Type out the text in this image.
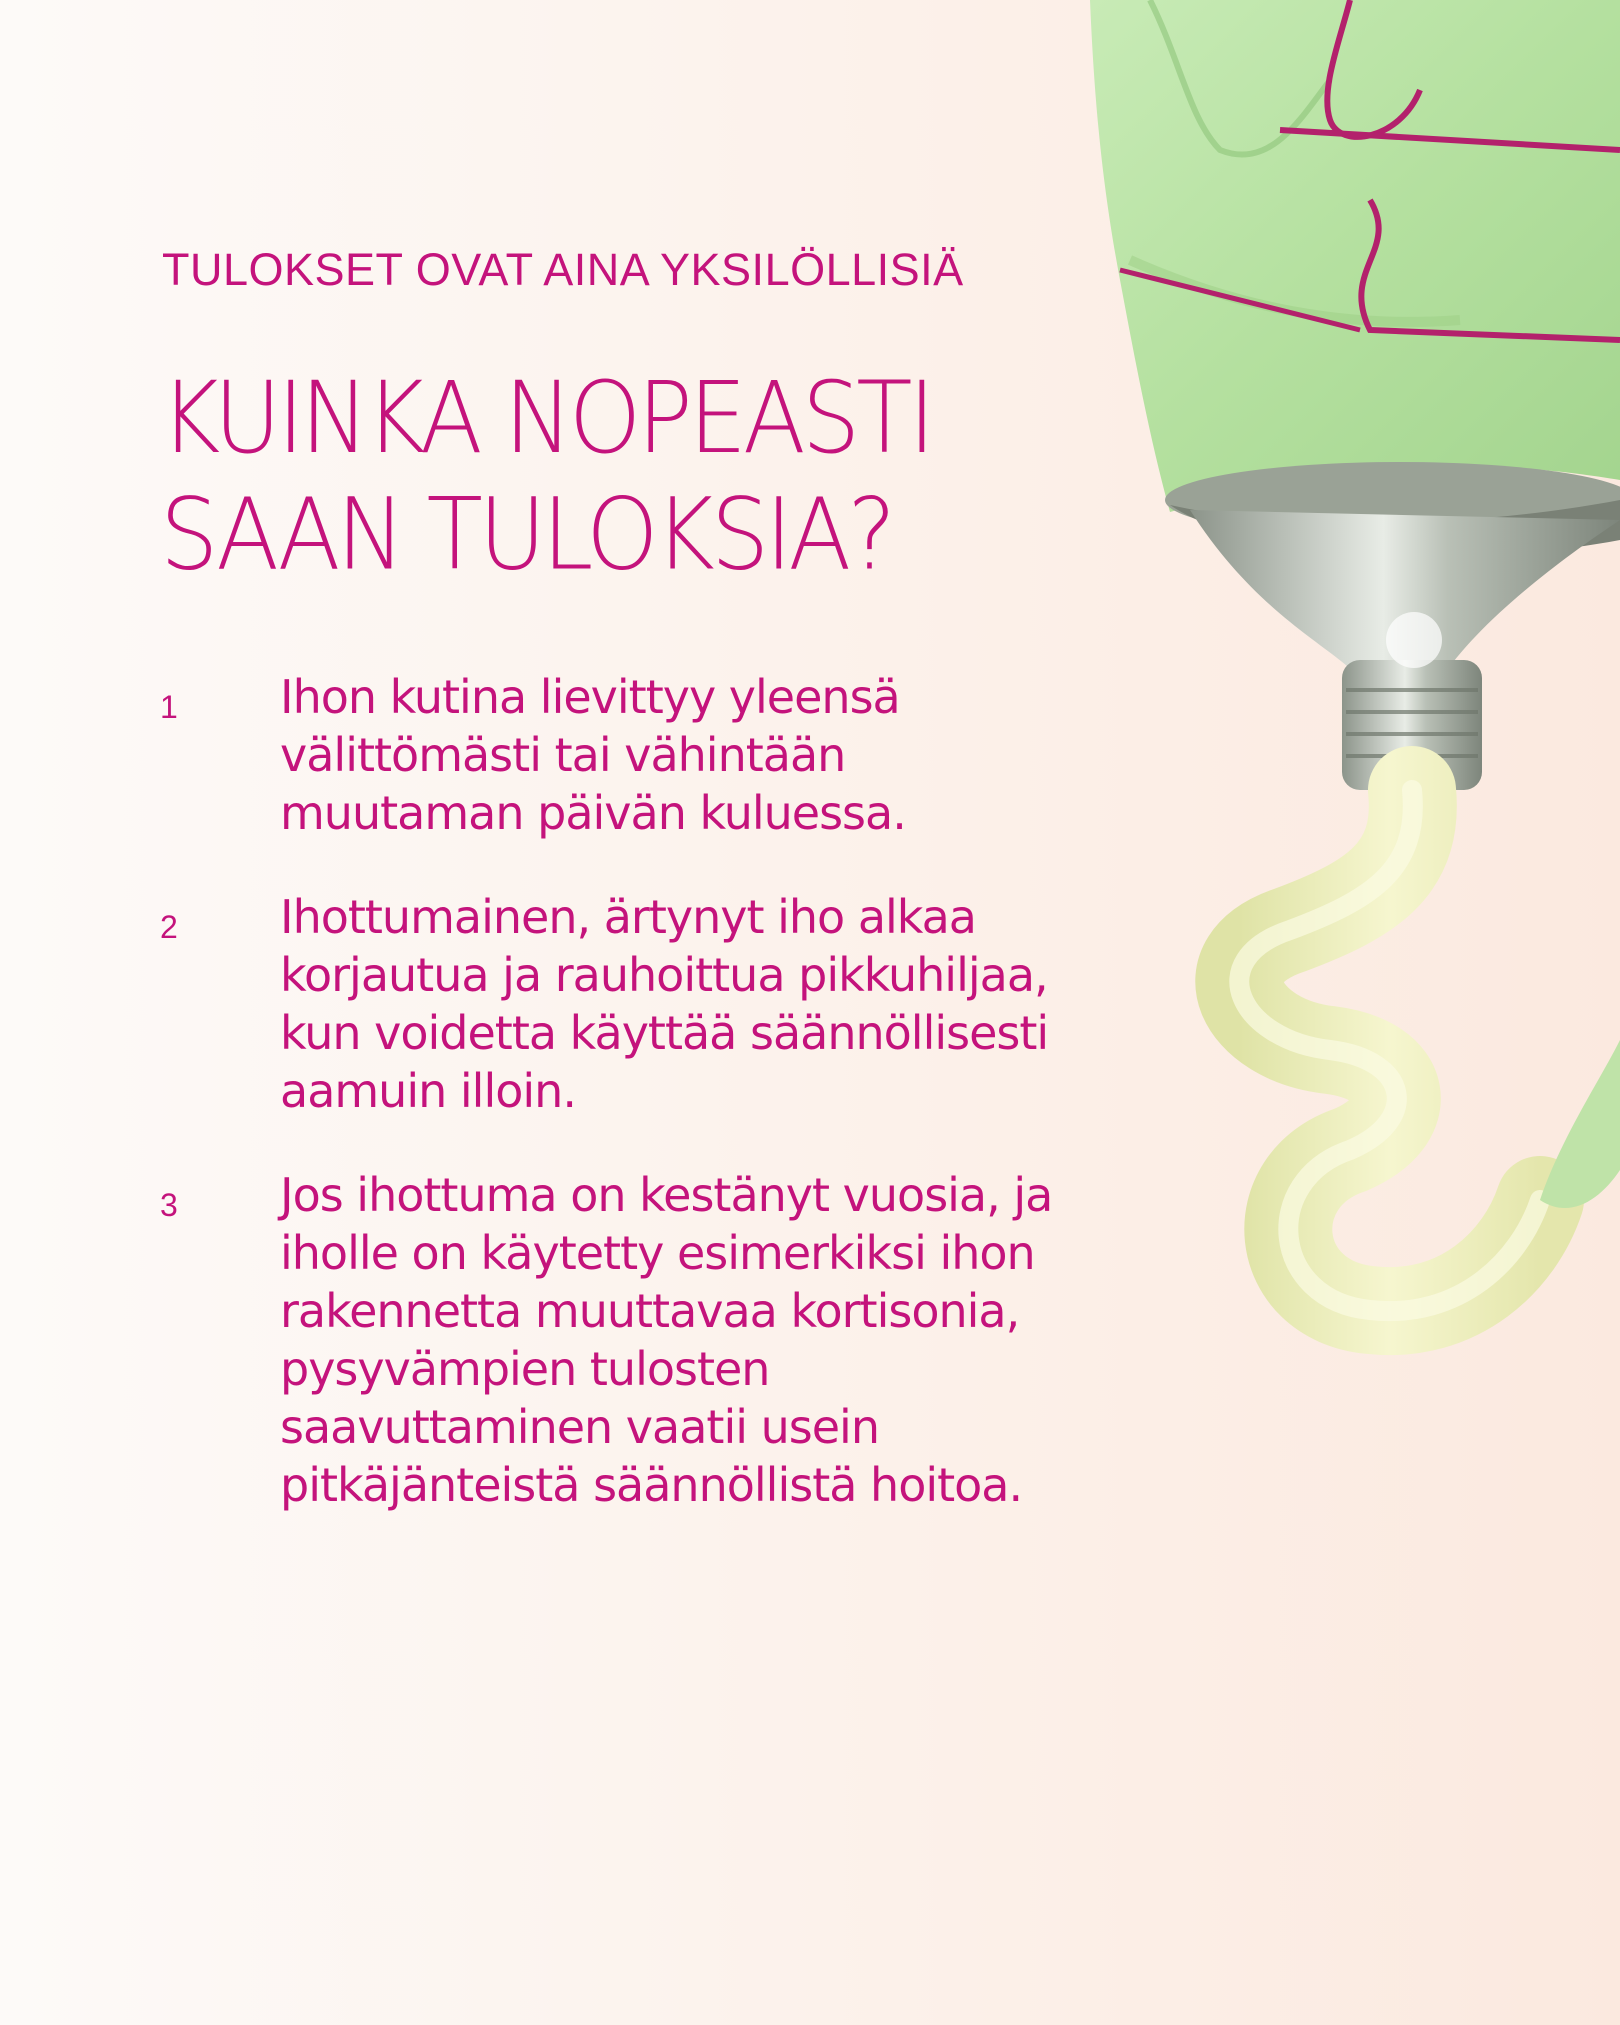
TULOKSET OVAT AINA YKSILÖLLISIÄ

KUINKA NOPEASTI
SAAN TULOKSIA?
1	Ihon kutina lievittyy yleensä välittömästi tai vähintään muutaman päivän kuluessa.
2	Ihottumainen, ärtynyt iho alkaa korjautua ja rauhoittua pikkuhiljaa, kun voidetta käyttää säännöllisesti aamuin illoin.
3	Jos ihottuma on kestänyt vuosia, ja iholle on käytetty esimerkiksi ihon rakennetta muuttavaa kortisonia, pysyvämpien tulosten saavuttaminen vaatii usein pitkäjänteistä säännöllistä hoitoa.
